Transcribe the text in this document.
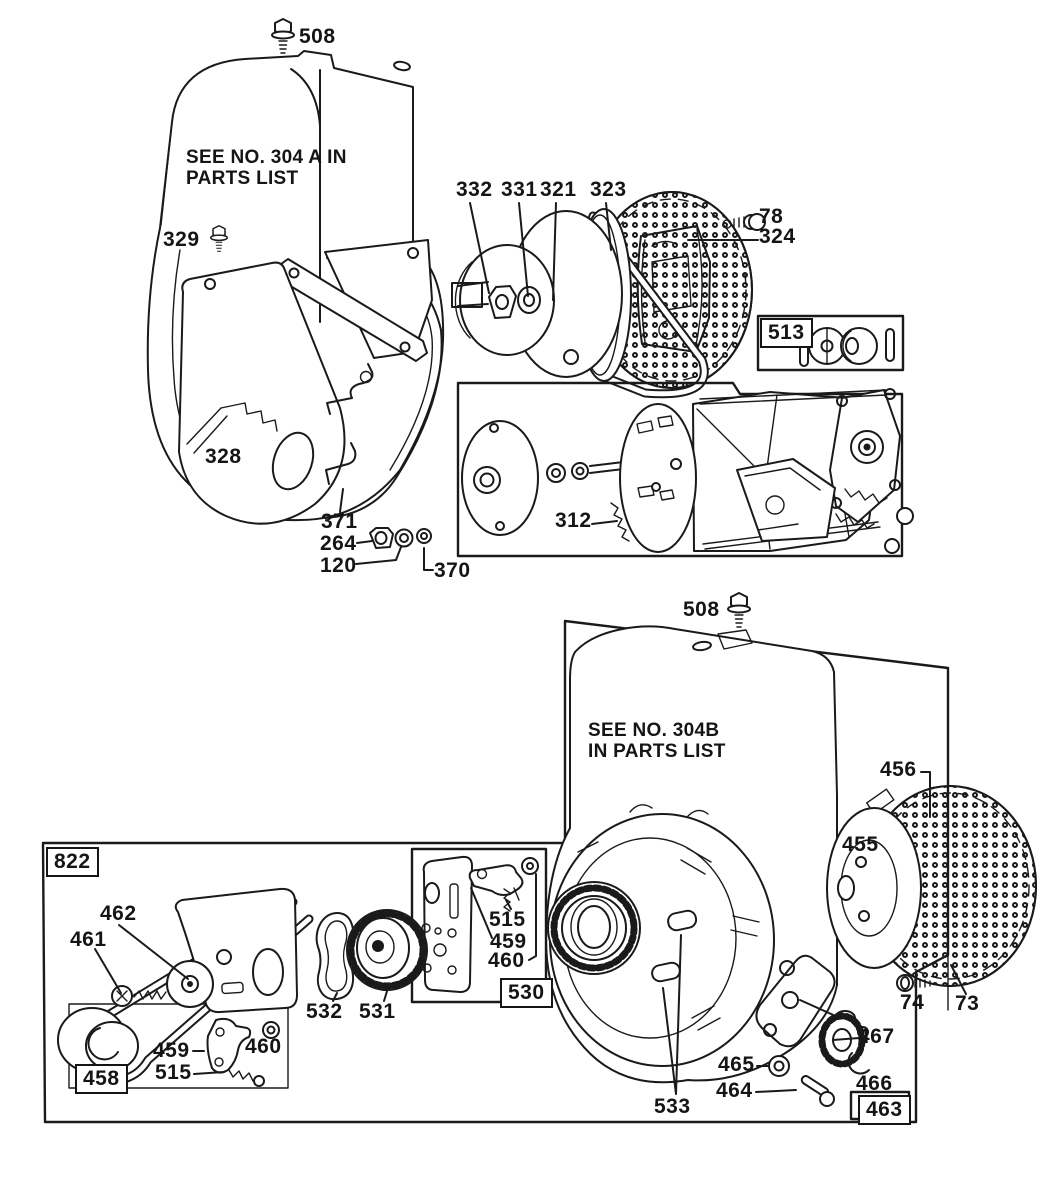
508
329
332 331 321 323
78
324
513
328
312
371
264
120	370
SEE NO. 304 A IN
PARTS LIST
508
456
455
822
462
461
515
459
460
530
532 531
460
459
515
458
74 73
467
465
466
464
463
533
SEE NO. 304B
IN PARTS LIST
